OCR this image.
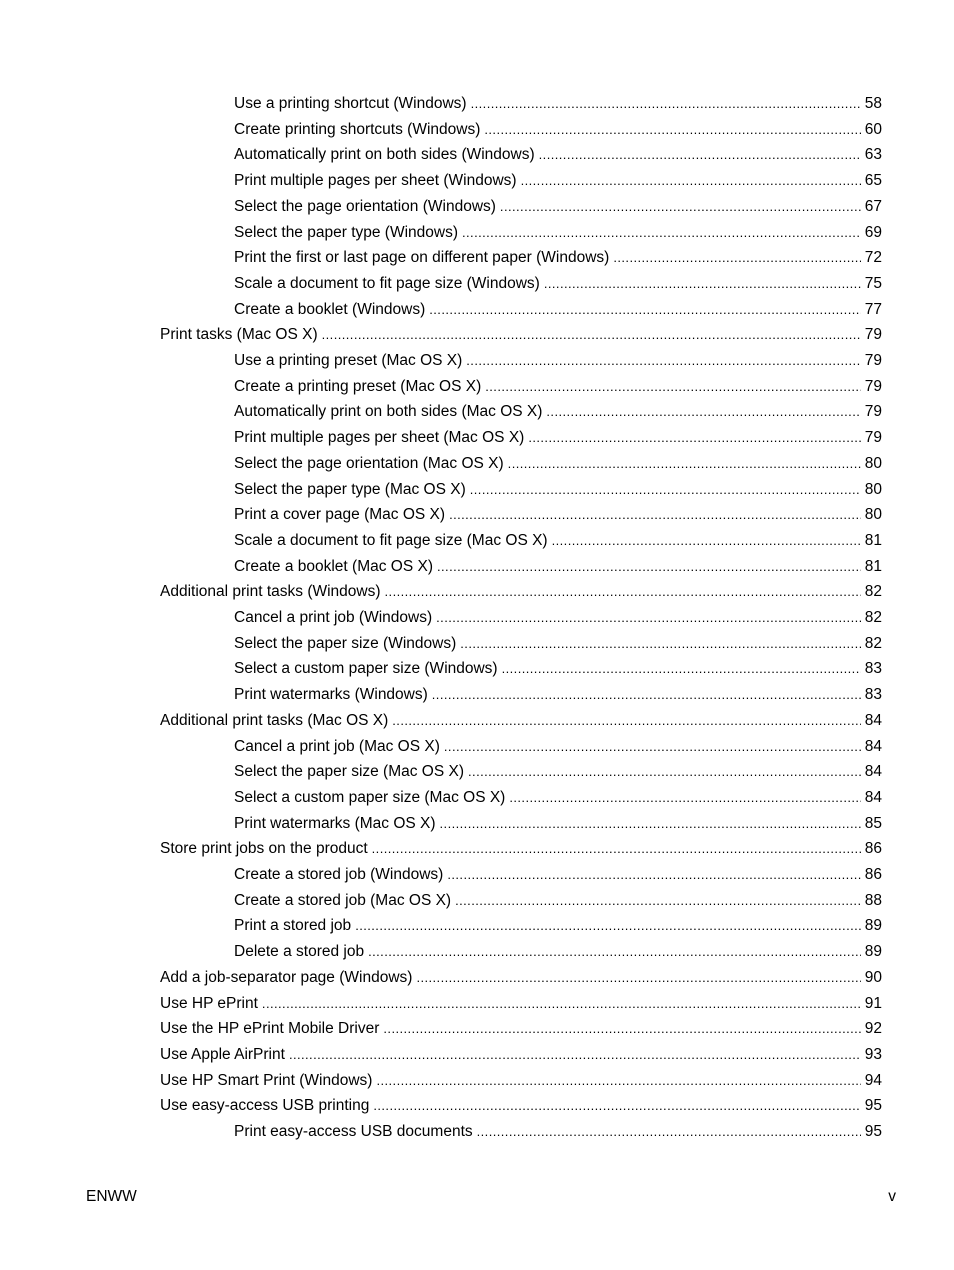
Use a printing shortcut (Windows) . . .	58
Create printing shortcuts (Windows) . . .	60
Automatically print on both sides (Windows) . . .	63
Print multiple pages per sheet (Windows) . . .	65
Select the page orientation (Windows) . . .	67
Select the paper type (Windows) . . .	69
Print the first or last page on different paper (Windows) . . .	72
Scale a document to fit page size (Windows) . . .	75
Create a booklet (Windows) . . .	77
Print tasks (Mac OS X) . . .	79
Use a printing preset (Mac OS X) . . .	79
Create a printing preset (Mac OS X) . . .	79
Automatically print on both sides (Mac OS X) . . .	79
Print multiple pages per sheet (Mac OS X) . . .	79
Select the page orientation (Mac OS X) . . .	80
Select the paper type (Mac OS X) . . .	80
Print a cover page (Mac OS X) . . .	80
Scale a document to fit page size (Mac OS X) . . .	81
Create a booklet (Mac OS X) . . .	81
Additional print tasks (Windows) . . .	82
Cancel a print job (Windows) . . .	82
Select the paper size (Windows) . . .	82
Select a custom paper size (Windows) . . .	83
Print watermarks (Windows) . . .	83
Additional print tasks (Mac OS X) . . .	84
Cancel a print job (Mac OS X) . . .	84
Select the paper size (Mac OS X) . . .	84
Select a custom paper size (Mac OS X) . . .	84
Print watermarks (Mac OS X) . . .	85
Store print jobs on the product . . .	86
Create a stored job (Windows) . . .	86
Create a stored job (Mac OS X) . . .	88
Print a stored job . . .	89
Delete a stored job . . .	89
Add a job-separator page (Windows) . . .	90
Use HP ePrint . . .	91
Use the HP ePrint Mobile Driver . . .	92
Use Apple AirPrint . . .	93
Use HP Smart Print (Windows) . . .	94
Use easy-access USB printing . . .	95
Print easy-access USB documents . . .	95
ENWW	v
